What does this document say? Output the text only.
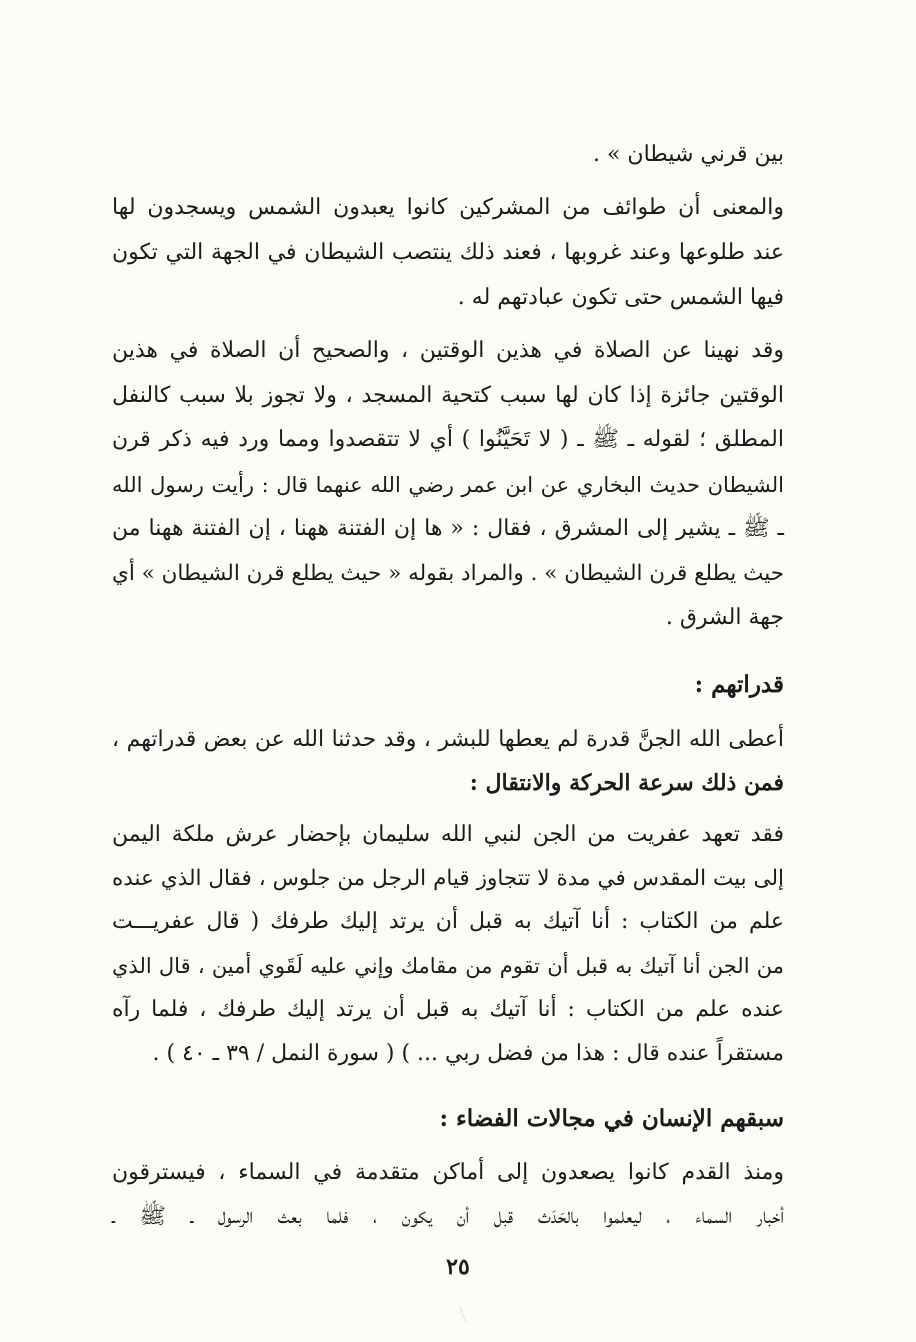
بين قرني شيطان » .
والمعنى أن طوائف من المشركين كانوا يعبدون الشمس ويسجدون لها
عند طلوعها وعند غروبها ، فعند ذلك ينتصب الشيطان في الجهة التي تكون
فيها الشمس حتى تكون عبادتهم له .
وقد نهينا عن الصلاة في هذين الوقتين ، والصحيح أن الصلاة في هذين
الوقتين جائزة إذا كان لها سبب كتحية المسجد ، ولا تجوز بلا سبب كالنفل
المطلق ؛ لقوله ـ ﷺ ـ ( لا تَحَيَّنُوا ) أي لا تتقصدوا ومما ورد فيه ذكر قرن
الشيطان حديث البخاري عن ابن عمر رضي الله عنهما قال : رأيت رسول الله
ـ ﷺ ـ يشير إلى المشرق ، فقال : « ها إن الفتنة ههنا ، إن الفتنة ههنا من
حيث يطلع قرن الشيطان » . والمراد بقوله « حيث يطلع قرن الشيطان » أي
جهة الشرق .
قدراتهم :
أعطى الله الجنَّ قدرة لم يعطها للبشر ، وقد حدثنا الله عن بعض قدراتهم ،
فمن ذلك سرعة الحركة والانتقال :
فقد تعهد عفريت من الجن لنبي الله سليمان بإحضار عرش ملكة اليمن
إلى بيت المقدس في مدة لا تتجاوز قيام الرجل من جلوس ، فقال الذي عنده
علم من الكتاب : أنا آتيك به قبل أن يرتد إليك طرفك ( قال عفريـــت
من الجن أنا آتيك به قبل أن تقوم من مقامك وإني عليه لَقَوي أمين ، قال الذي
عنده علم من الكتاب : أنا آتيك به قبل أن يرتد إليك طرفك ، فلما رآه
مستقراً عنده قال : هذا من فضل ربي ... ) ( سورة النمل / ٣٩ ـ ٤٠ ) .
سبقهم الإنسان في مجالات الفضاء :
ومنذ القدم كانوا يصعدون إلى أماكن متقدمة في السماء ، فيسترقون
أخبار السماء ، ليعلموا بالحَدَث قبل أن يكون ، فلما بعث الرسول ـ ﷺ ـ
٢٥
